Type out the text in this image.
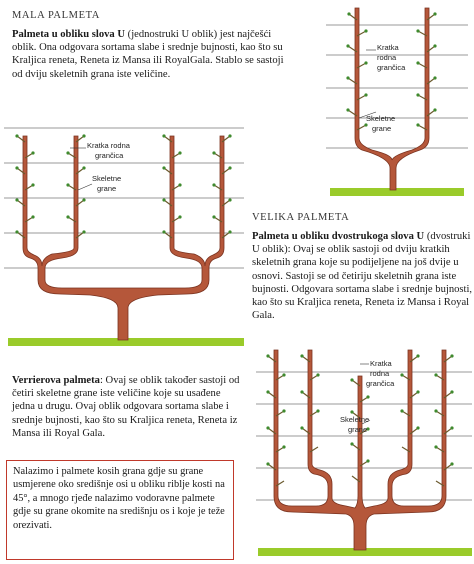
MALA PALMETA
Palmeta u obliku slova U (jednostruki U oblik) jest najčešći oblik. Ona odgovara sortama slabe i srednje bujnosti, kao što su Kraljica reneta, Reneta iz Mansa ili RoyalGala. Stablo se sastoji od dviju skeletnih grana iste veličine.
Kratka
rodna
grančica
Skeletne
grane
Kratka rodna
grančica
Skeletne
grane
VELIKA PALMETA
Palmeta u obliku dvostrukoga slova U (dvostruki U oblik): Ovaj se oblik sastoji od dviju kratkih skeletnih grana koje su podijeljene na još dvije u osnovi. Sastoji se od četiriju skeletnih grana iste bujnosti. Odgovara sortama slabe i srednje bujnosti, kao što su Kraljica reneta, Reneta iz Mansa i Royal Gala.
Verrierova palmeta: Ovaj se oblik također sastoji od četiri skeletne grane iste veličine koje su usađene jedna u drugu. Ovaj oblik odgovara sortama slabe i srednje bujnosti, kao što su Kraljica reneta, Reneta iz Mansa ili Royal Gala.
Nalazimo i palmete kosih grana gdje su grane usmjerene oko središnje osi u obliku riblje kosti na 45°, a mnogo rjeđe nalazimo vodoravne palmete gdje su grane okomite na središnju os i koje je teže orezivati.
Kratka
rodna
grančica
Skeletne
grane
